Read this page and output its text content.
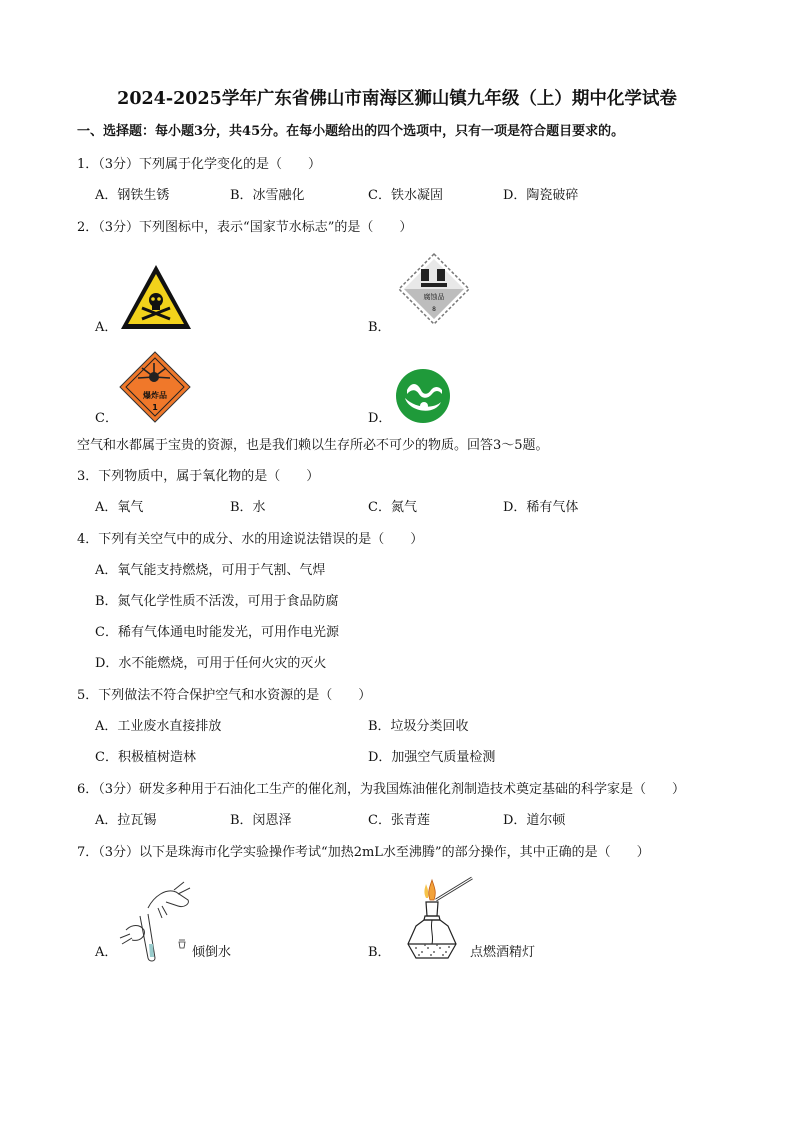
2024-2025学年广东省佛山市南海区狮山镇九年级（上）期中化学试卷
一、选择题：每小题3分，共45分。在每小题给出的四个选项中，只有一项是符合题目要求的。
1．（3分）下列属于化学变化的是（　　）
A．钢铁生锈	B．冰雪融化	C．铁水凝固	D．陶瓷破碎
2．（3分）下列图标中，表示“国家节水标志”的是（　　）
A．	B．
C．	D．
腐蚀品
8
爆炸品
1
空气和水都属于宝贵的资源，也是我们赖以生存所必不可少的物质。回答3～5题。
3．下列物质中，属于氧化物的是（　　）
A．氧气	B．水	C．氮气	D．稀有气体
4．下列有关空气中的成分、水的用途说法错误的是（　　）
A．氧气能支持燃烧，可用于气割、气焊
B．氮气化学性质不活泼，可用于食品防腐
C．稀有气体通电时能发光，可用作电光源
D．水不能燃烧，可用于任何火灾的灭火
5．下列做法不符合保护空气和水资源的是（　　）
A．工业废水直接排放	B．垃圾分类回收
C．积极植树造林	D．加强空气质量检测
6．（3分）研发多种用于石油化工生产的催化剂，为我国炼油催化剂制造技术奠定基础的科学家是（　　）
A．拉瓦锡	B．闵恩泽	C．张青莲	D．道尔顿
7．（3分）以下是珠海市化学实验操作考试“加热2mL水至沸腾”的部分操作，其中正确的是（　　）
A．	B．
倾倒水	点燃酒精灯
